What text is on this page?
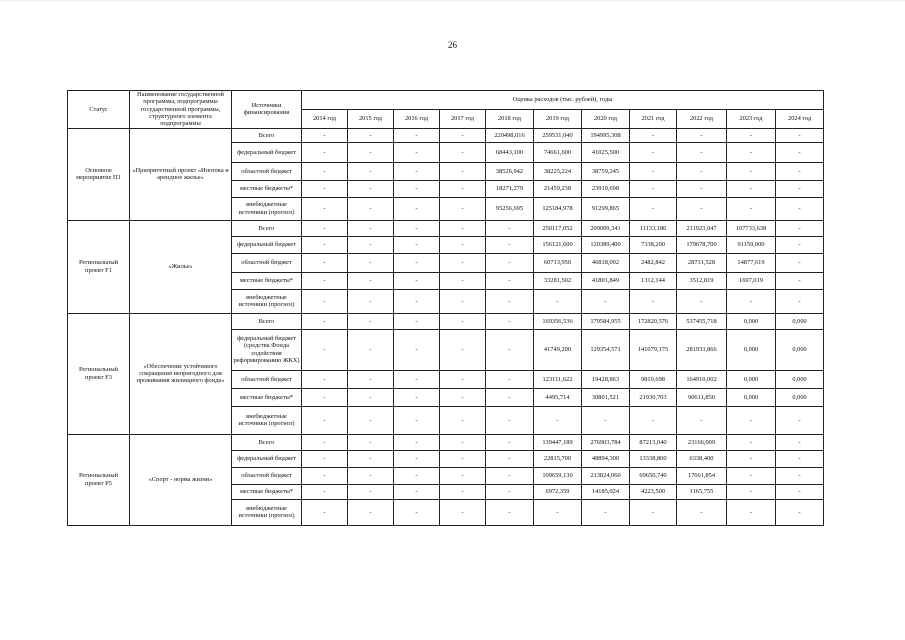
26
Статус	Наименование государственной программы, подпрограммы государственной программы, структурного элемента подпрограммы	Источники финансирования	Оценка расходов (тыс. рублей), годы										
			2014 год	2015 год	2016 год	2017 год	2018 год	2019 год	2020 год	2021 год	2022 год	2023 год	2024 год
Основное мероприятие П1	«Приоритетный проект «Ипотека и арендное жилье»	Всего	-	-	-	-	220498,016	259531,040	194995,308	-	-	-	-
		федеральный бюджет	-	-	-	-	68443,100	74661,600	41025,500	-	-	-	-
		областной бюджет	-	-	-	-	38526,942	38225,224	38759,245	-	-	-	-
		местные бюджеты*	-	-	-	-	18271,279	21459,238	23910,698	-	-	-	-
		внебюджетные источники (прогноз)	-	-	-	-	95256,695	125184,978	91299,865	-	-	-	-
Региональный проект F1	«Жилье»	Всего	-	-	-	-	-	250117,052	209009,341	11133,186	211923,047	107733,638	-
		федеральный бюджет	-	-	-	-	-	156121,600	120389,400	7338,200	179678,700	91159,000	-
		областной бюджет	-	-	-	-	-	60713,950	46818,092	2482,842	28731,528	14877,619	-
		местные бюджеты*	-	-	-	-	-	33281,502	41801,849	1312,144	3512,819	1697,019	-
		внебюджетные источники (прогноз)	-	-	-	-	-	-	-	-	-	-	-
Региональный проект F3	«Обеспечение устойчивого сокращения непригодного для проживания жилищного фонда»	Всего	-	-	-	-	-	169356,536	179584,955	172820,576	537455,718	0,000	0,000
		федеральный бюджет (средства Фонда содействия реформированию ЖКХ)	-	-	-	-	-	41749,200	129354,571	141079,175	281933,866	0,000	0,000
		областной бюджет	-	-	-	-	-	123111,622	19428,863	9810,698	164910,002	0,000	0,000
		местные бюджеты*	-	-	-	-	-	4495,714	30801,521	21930,703	90611,850	0,000	0,000
		внебюджетные источники (прогноз)	-	-	-	-	-	-	-	-	-	-	-
Региональный проект P5	«Спорт - норма жизни»	Всего	-	-	-	-	-	139447,189	276903,784	87213,040	23166,009	-	-
		федеральный бюджет	-	-	-	-	-	22815,700	48894,300	13338,800	6338,400	-	-
		областной бюджет	-	-	-	-	-	109659,130	213824,060	69650,740	17661,854	-	-
		местные бюджеты*	-	-	-	-	-	6972,359	14185,024	4223,500	1165,755	-	-
		внебюджетные источники (прогноз)	-	-	-	-	-	-	-	-	-	-	-
